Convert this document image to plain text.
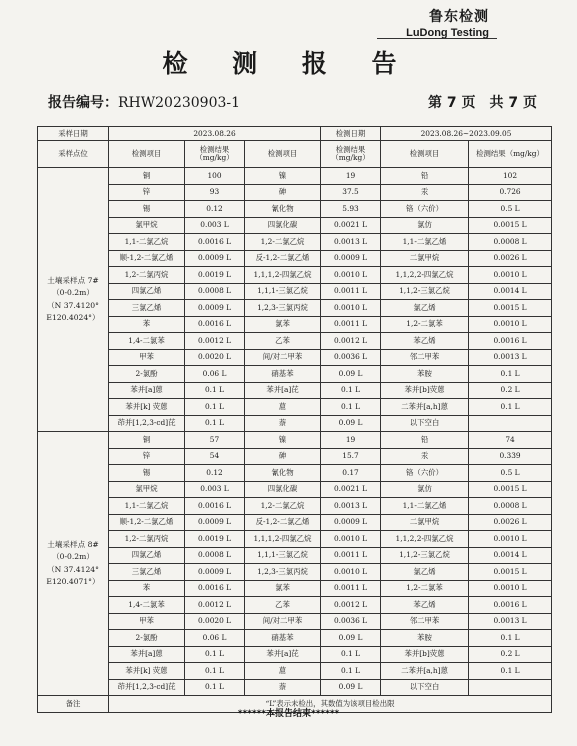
鲁东检测
LuDong Testing
检 测 报 告
报告编号：RHW20230903-1	第 7 页 共 7 页
采样日期	2023.08.26			检测日期	2023.08.26~2023.09.05	
采样点位	检测项目	检测结果（mg/kg）	检测项目	检测结果（mg/kg）	检测项目	检测结果（mg/kg）
土壤采样点 7#
（0-0.2m）
（N 37.4120°
E120.4024°）	铜	100	镍	19	铅	102
	锌	93	砷	37.5	汞	0.726
	锡	0.12	氰化物	5.93	铬（六价）	0.5 L
	氯甲烷	0.003 L	四氯化碳	0.0021 L	氯仿	0.0015 L
	1,1-二氯乙烷	0.0016 L	1,2-二氯乙烷	0.0013 L	1,1-二氯乙烯	0.0008 L
	顺-1,2-二氯乙烯	0.0009 L	反-1,2-二氯乙烯	0.0009 L	二氯甲烷	0.0026 L
	1,2-二氯丙烷	0.0019 L	1,1,1,2-四氯乙烷	0.0010 L	1,1,2,2-四氯乙烷	0.0010 L
	四氯乙烯	0.0008 L	1,1,1-三氯乙烷	0.0011 L	1,1,2-三氯乙烷	0.0014 L
	三氯乙烯	0.0009 L	1,2,3-三氯丙烷	0.0010 L	氯乙烯	0.0015 L
	苯	0.0016 L	氯苯	0.0011 L	1,2-二氯苯	0.0010 L
	1,4-二氯苯	0.0012 L	乙苯	0.0012 L	苯乙烯	0.0016 L
	甲苯	0.0020 L	间/对二甲苯	0.0036 L	邻二甲苯	0.0013 L
	2-氯酚	0.06 L	硝基苯	0.09 L	苯胺	0.1 L
	苯并[a]蒽	0.1 L	苯并[a]芘	0.1 L	苯并[b]荧蒽	0.2 L
	苯并[k] 荧蒽	0.1 L	䓛	0.1 L	二苯并[a,h]蒽	0.1 L
	茚并[1,2,3-cd]芘	0.1 L	萘	0.09 L	以下空白	
土壤采样点 8#
（0-0.2m）
（N 37.4124°
E120.4071°）	铜	57	镍	19	铅	74
	锌	54	砷	15.7	汞	0.339
	锡	0.12	氰化物	0.17	铬（六价）	0.5 L
	氯甲烷	0.003 L	四氯化碳	0.0021 L	氯仿	0.0015 L
	1,1-二氯乙烷	0.0016 L	1,2-二氯乙烷	0.0013 L	1,1-二氯乙烯	0.0008 L
	顺-1,2-二氯乙烯	0.0009 L	反-1,2-二氯乙烯	0.0009 L	二氯甲烷	0.0026 L
	1,2-二氯丙烷	0.0019 L	1,1,1,2-四氯乙烷	0.0010 L	1,1,2,2-四氯乙烷	0.0010 L
	四氯乙烯	0.0008 L	1,1,1-三氯乙烷	0.0011 L	1,1,2-三氯乙烷	0.0014 L
	三氯乙烯	0.0009 L	1,2,3-三氯丙烷	0.0010 L	氯乙烯	0.0015 L
	苯	0.0016 L	氯苯	0.0011 L	1,2-二氯苯	0.0010 L
	1,4-二氯苯	0.0012 L	乙苯	0.0012 L	苯乙烯	0.0016 L
	甲苯	0.0020 L	间/对二甲苯	0.0036 L	邻二甲苯	0.0013 L
	2-氯酚	0.06 L	硝基苯	0.09 L	苯胺	0.1 L
	苯并[a]蒽	0.1 L	苯并[a]芘	0.1 L	苯并[b]荧蒽	0.2 L
	苯并[k] 荧蒽	0.1 L	䓛	0.1 L	二苯并[a,h]蒽	0.1 L
	茚并[1,2,3-cd]芘	0.1 L	萘	0.09 L	以下空白	
备注	“L”表示未检出，其数值为该项目检出限					
******本报告结束******
